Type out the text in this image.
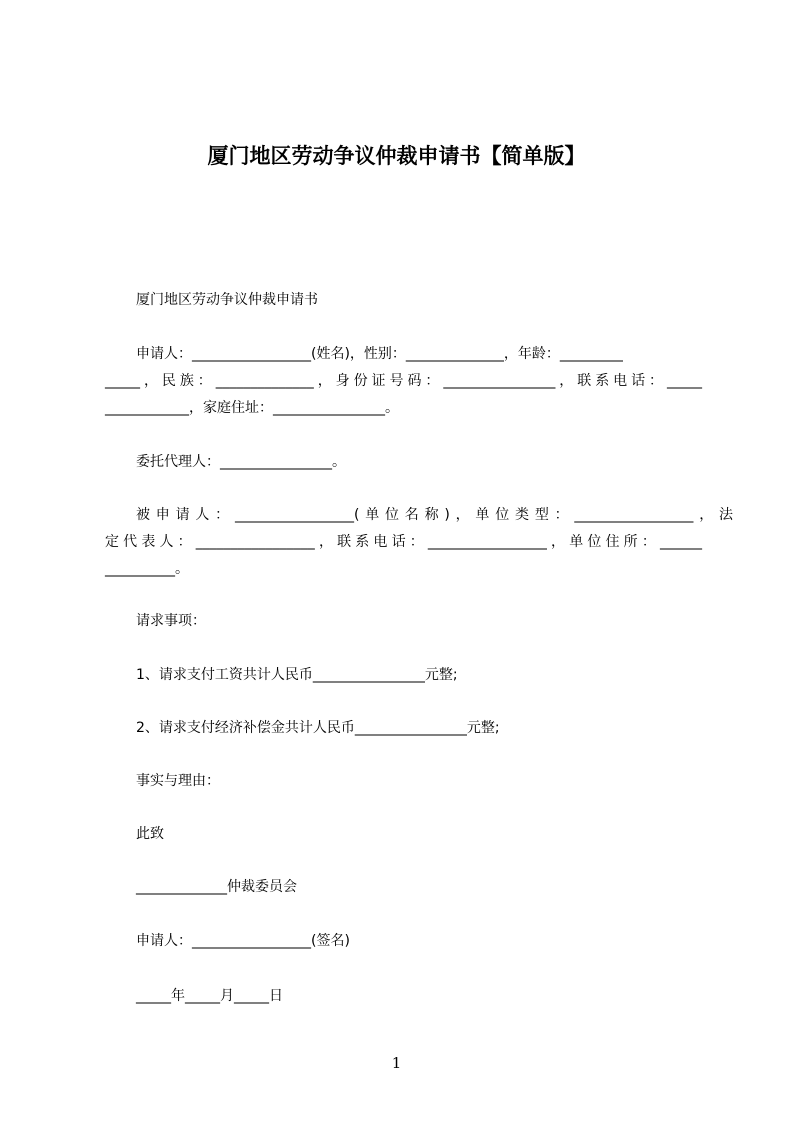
厦门地区劳动争议仲裁申请书【简单版】
厦门地区劳动争议仲裁申请书
申请人：_________________(姓名)，性别：______________，年龄：_________
_____，民族：______________，身份证号码：________________，联系电话：_____
____________，家庭住址：________________。
委托代理人：________________。
被申请人：_________________(单位名称)，单位类型：_________________，法
定代表人：_________________，联系电话：_________________，单位住所：______
__________。
请求事项：
1、请求支付工资共计人民币________________元整;
2、请求支付经济补偿金共计人民币________________元整;
事实与理由：
此致
_____________仲裁委员会
申请人：_________________(签名)
_____年_____月_____日
1
